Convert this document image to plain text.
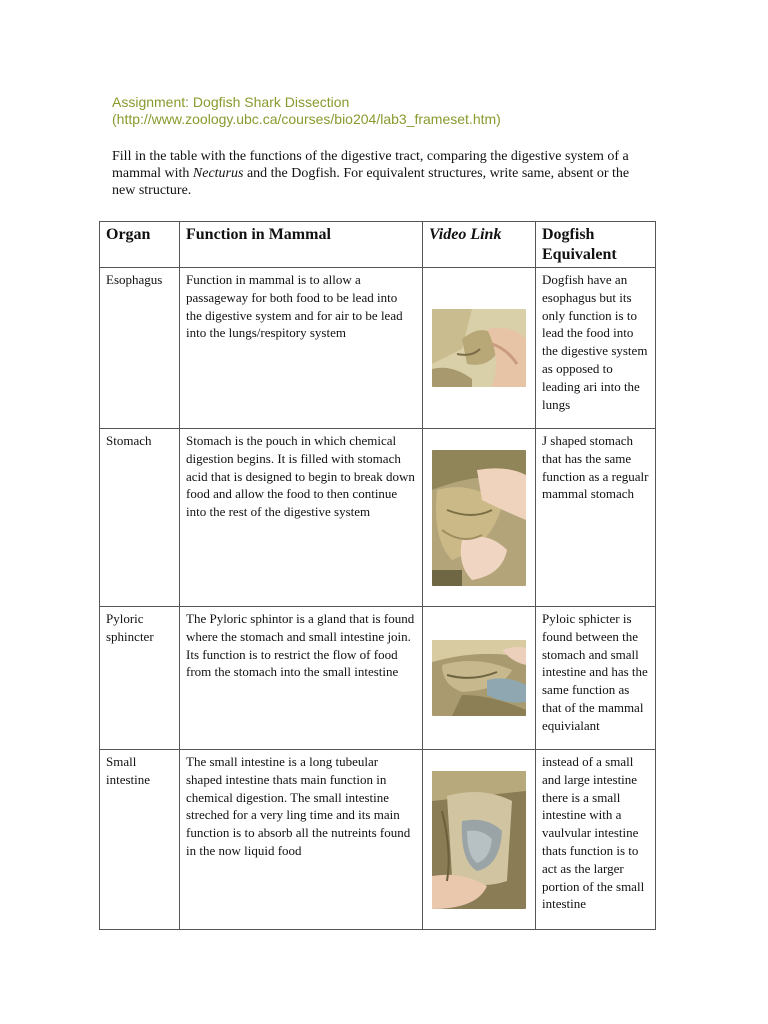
Assignment: Dogfish Shark Dissection
(http://www.zoology.ubc.ca/courses/bio204/lab3_frameset.htm)
Fill in the table with the functions of the digestive tract, comparing the digestive system of a mammal with Necturus and the Dogfish. For equivalent structures, write same, absent or the new structure.
Organ	Function in Mammal	Video Link	Dogfish Equivalent
Esophagus	Function in mammal is to allow a passageway for both food to be lead into the digestive system and for air to be lead into the lungs/respitory system		Dogfish have an esophagus but its only function is to lead the food into the digestive system as opposed to leading ari into the lungs
Stomach	Stomach is the pouch in which chemical digestion begins. It is filled with stomach acid that is designed to begin to break down food and allow the food to then continue into the rest of the digestive system		J shaped stomach that has the same function as a regualr mammal stomach
Pyloric sphincter	The Pyloric sphintor is a gland that is found where the stomach and small intestine join. Its function is to restrict the flow of food from the stomach into the small intestine		Pyloic sphicter is found between the stomach and small intestine and has the same function as that of the mammal equivialant
Small intestine	The small intestine is a long tubeular shaped intestine thats main function in chemical digestion. The small intestine streched for a very ling time and its main function is to absorb all the nutreints found in the now liquid food		instead of a small and large intestine there is a small intestine with a vaulvular intestine thats function is to act as the larger portion of the small intestine
